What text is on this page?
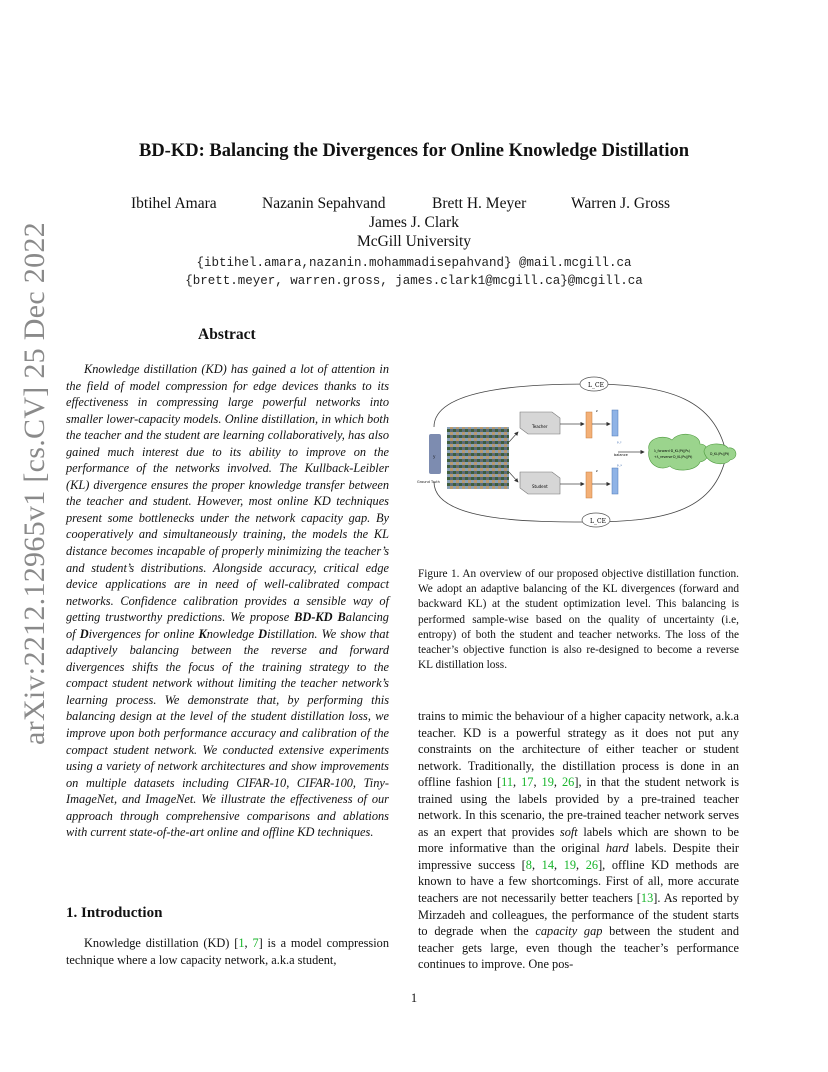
arXiv:2212.12965v1 [cs.CV] 25 Dec 2022
BD-KD: Balancing the Divergences for Online Knowledge Distillation
Ibtihel Amara	Nazanin Sepahvand	Brett H. Meyer	Warren J. Gross
James J. Clark
McGill University
{ibtihel.amara,nazanin.mohammadisepahvand} @mail.mcgill.ca
{brett.meyer, warren.gross, james.clark1@mcgill.ca}@mcgill.ca
Abstract

Knowledge distillation (KD) has gained a lot of attention in the field of model compression for edge devices thanks to its effectiveness in compressing large powerful networks into smaller lower-capacity models. Online distillation, in which both the teacher and the student are learning collaboratively, has also gained much interest due to its ability to improve on the performance of the networks involved. The Kullback-Leibler (KL) divergence ensures the proper knowledge transfer between the teacher and student. However, most online KD techniques present some bottlenecks under the network capacity gap. By cooperatively and simultaneously training, the models the KL distance becomes incapable of properly minimizing the teacher’s and student’s distributions. Alongside accuracy, critical edge device applications are in need of well-calibrated compact networks. Confidence calibration provides a sensible way of getting trustworthy predictions. We propose BD-KD Balancing of Divergences for online Knowledge Distillation. We show that adaptively balancing between the reverse and forward divergences shifts the focus of the training strategy to the compact student network without limiting the teacher network’s learning process. We demonstrate that, by performing this balancing design at the level of the student distillation loss, we improve upon both performance accuracy and calibration of the compact student network. We conducted extensive experiments using a variety of network architectures and show improvements on multiple datasets including CIFAR-10, CIFAR-100, Tiny-ImageNet, and ImageNet. We illustrate the effectiveness of our approach through comprehensive comparisons and ablations with current state-of-the-art online and offline KD techniques.

1. Introduction

Knowledge distillation (KD) [1, 7] is a model compression technique where a low capacity network, a.k.a student,

L_CE
L_CE
y
Ground Truth
Teacher
Student
z
z
p_t
p_s
balance
λ_forward·D_KL(Pt||Ps)
+λ_reverse·D_KL(Ps||Pt)
D_KL(Ps||Pt)
Figure 1. An overview of our proposed objective distillation function. We adopt an adaptive balancing of the KL divergences (forward and backward KL) at the student optimization level. This balancing is performed sample-wise based on the quality of uncertainty (i.e, entropy) of both the student and teacher networks. The loss of the teacher’s objective function is also re-designed to become a reverse KL distillation loss.

trains to mimic the behaviour of a higher capacity network, a.k.a teacher. KD is a powerful strategy as it does not put any constraints on the architecture of either teacher or student network. Traditionally, the distillation process is done in an offline fashion [11, 17, 19, 26], in that the student network is trained using the labels provided by a pre-trained teacher network. In this scenario, the pre-trained teacher network serves as an expert that provides soft labels which are shown to be more informative than the original hard labels. Despite their impressive success [8, 14, 19, 26], offline KD methods are known to have a few shortcomings. First of all, more accurate teachers are not necessarily better teachers [13]. As reported by Mirzadeh and colleagues, the performance of the student starts to degrade when the capacity gap between the student and teacher gets large, even though the teacher’s performance continues to improve. One pos-

1
